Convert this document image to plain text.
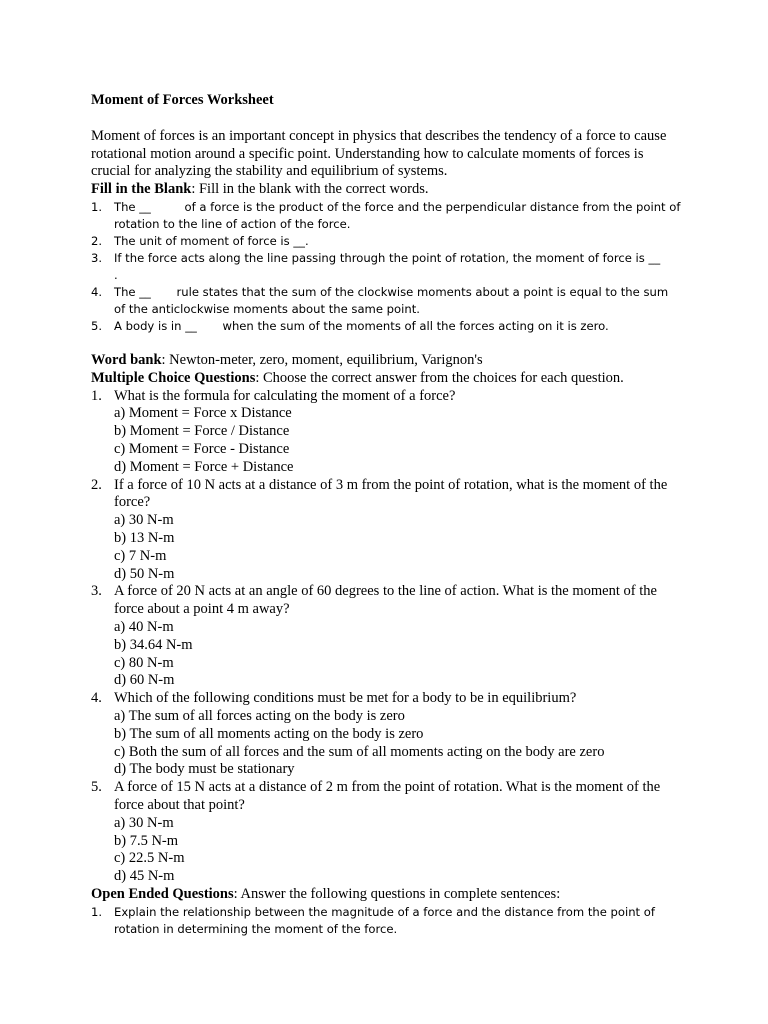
Moment of Forces Worksheet

Moment of forces is an important concept in physics that describes the tendency of a force to cause rotational motion around a specific point. Understanding how to calculate moments of forces is crucial for analyzing the stability and equilibrium of systems.

Fill in the Blank: Fill in the blank with the correct words.

1. The __	of a force is the product of the force and the perpendicular distance from the point of rotation to the line of action of the force.
2. The unit of moment of force is __.
3. If the force acts along the line passing through the point of rotation, the moment of force is __ .
4. The __ rule states that the sum of the clockwise moments about a point is equal to the sum of the anticlockwise moments about the same point.
5. A body is in __ when the sum of the moments of all the forces acting on it is zero.

Word bank: Newton-meter, zero, moment, equilibrium, Varignon's

Multiple Choice Questions: Choose the correct answer from the choices for each question.

1. What is the formula for calculating the moment of a force?
a) Moment = Force x Distance
b) Moment = Force / Distance
c) Moment = Force - Distance
d) Moment = Force + Distance
2. If a force of 10 N acts at a distance of 3 m from the point of rotation, what is the moment of the force?
a) 30 N-m
b) 13 N-m
c) 7 N-m
d) 50 N-m
3. A force of 20 N acts at an angle of 60 degrees to the line of action. What is the moment of the force about a point 4 m away?
a) 40 N-m
b) 34.64 N-m
c) 80 N-m
d) 60 N-m
4. Which of the following conditions must be met for a body to be in equilibrium?
a) The sum of all forces acting on the body is zero
b) The sum of all moments acting on the body is zero
c) Both the sum of all forces and the sum of all moments acting on the body are zero
d) The body must be stationary
5. A force of 15 N acts at a distance of 2 m from the point of rotation. What is the moment of the force about that point?
a) 30 N-m
b) 7.5 N-m
c) 22.5 N-m
d) 45 N-m

Open Ended Questions: Answer the following questions in complete sentences:

1. Explain the relationship between the magnitude of a force and the distance from the point of rotation in determining the moment of the force.
